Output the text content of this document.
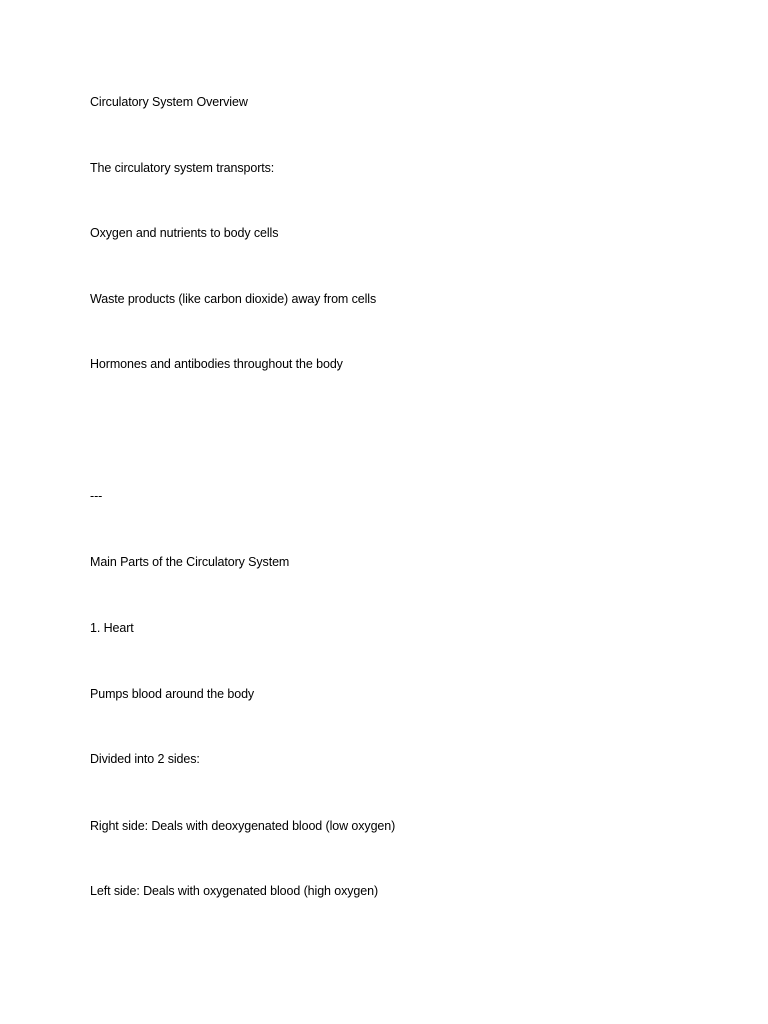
Circulatory System Overview
The circulatory system transports:
Oxygen and nutrients to body cells
Waste products (like carbon dioxide) away from cells
Hormones and antibodies throughout the body
---
Main Parts of the Circulatory System
1. Heart
Pumps blood around the body
Divided into 2 sides:
Right side: Deals with deoxygenated blood (low oxygen)
Left side: Deals with oxygenated blood (high oxygen)
